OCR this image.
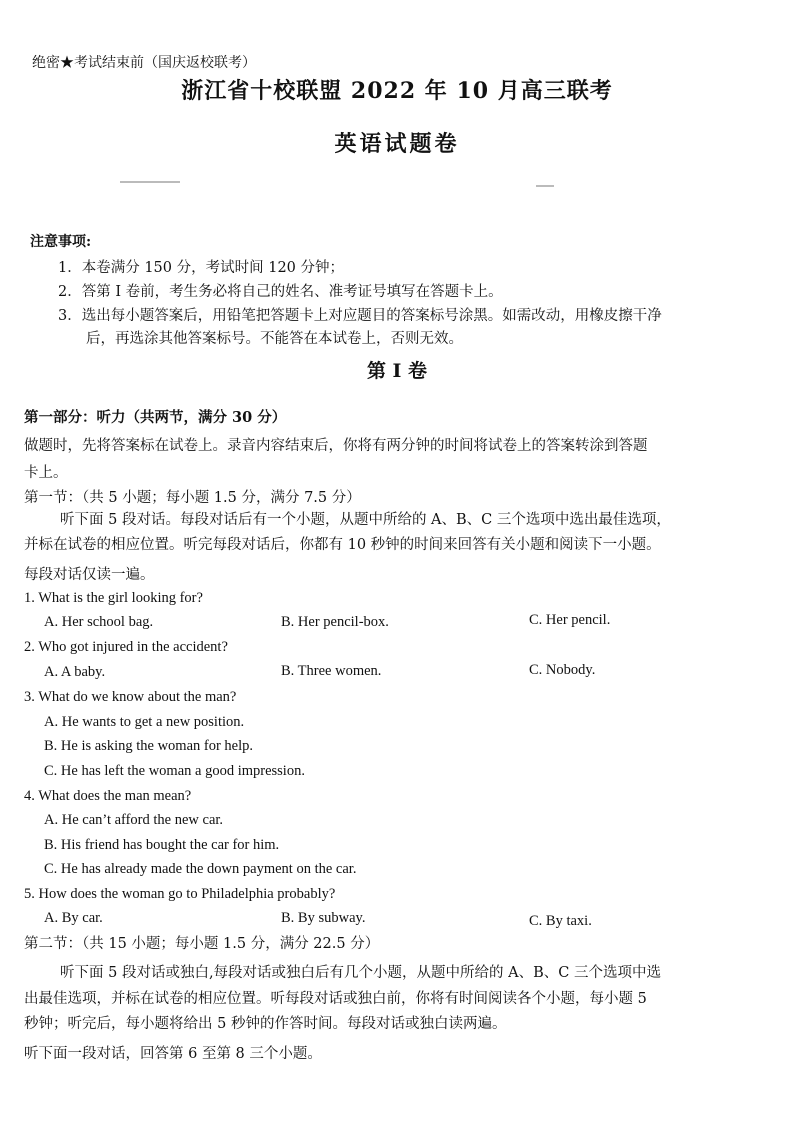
绝密★考试结束前（国庆返校联考）
浙江省十校联盟 2022 年 10 月高三联考
英语试题卷
注意事项:
1．本卷满分 150 分，考试时间 120 分钟；
2．答第 I 卷前，考生务必将自己的姓名、准考证号填写在答题卡上。
3．选出每小题答案后，用铅笔把答题卡上对应题目的答案标号涂黑。如需改动，用橡皮擦干净
后，再选涂其他答案标号。不能答在本试卷上，否则无效。
第 I 卷
第一部分：听力（共两节，满分 30 分）
做题时，先将答案标在试卷上。录音内容结束后，你将有两分钟的时间将试卷上的答案转涂到答题
卡上。
第一节：（共 5 小题；每小题 1.5 分，满分 7.5 分）
听下面 5 段对话。每段对话后有一个小题，从题中所给的 A、B、C 三个选项中选出最佳选项，
并标在试卷的相应位置。听完每段对话后，你都有 10 秒钟的时间来回答有关小题和阅读下一小题。
每段对话仅读一遍。
1. What is the girl looking for?
A. Her school bag.	B. Her pencil-box.	C. Her pencil.
2. Who got injured in the accident?
A. A baby.	B. Three women.	C. Nobody.
3. What do we know about the man?
A. He wants to get a new position.
B. He is asking the woman for help.
C. He has left the woman a good impression.
4. What does the man mean?
A. He can’t afford the new car.
B. His friend has bought the car for him.
C. He has already made the down payment on the car.
5. How does the woman go to Philadelphia probably?
A. By car.	B. By subway.	C. By taxi.
第二节：（共 15 小题；每小题 1.5 分，满分 22.5 分）
听下面 5 段对话或独白,每段对话或独白后有几个小题，从题中所给的 A、B、C 三个选项中选
出最佳选项，并标在试卷的相应位置。听每段对话或独白前，你将有时间阅读各个小题，每小题 5
秒钟；听完后，每小题将给出 5 秒钟的作答时间。每段对话或独白读两遍。
听下面一段对话，回答第 6 至第 8 三个小题。
